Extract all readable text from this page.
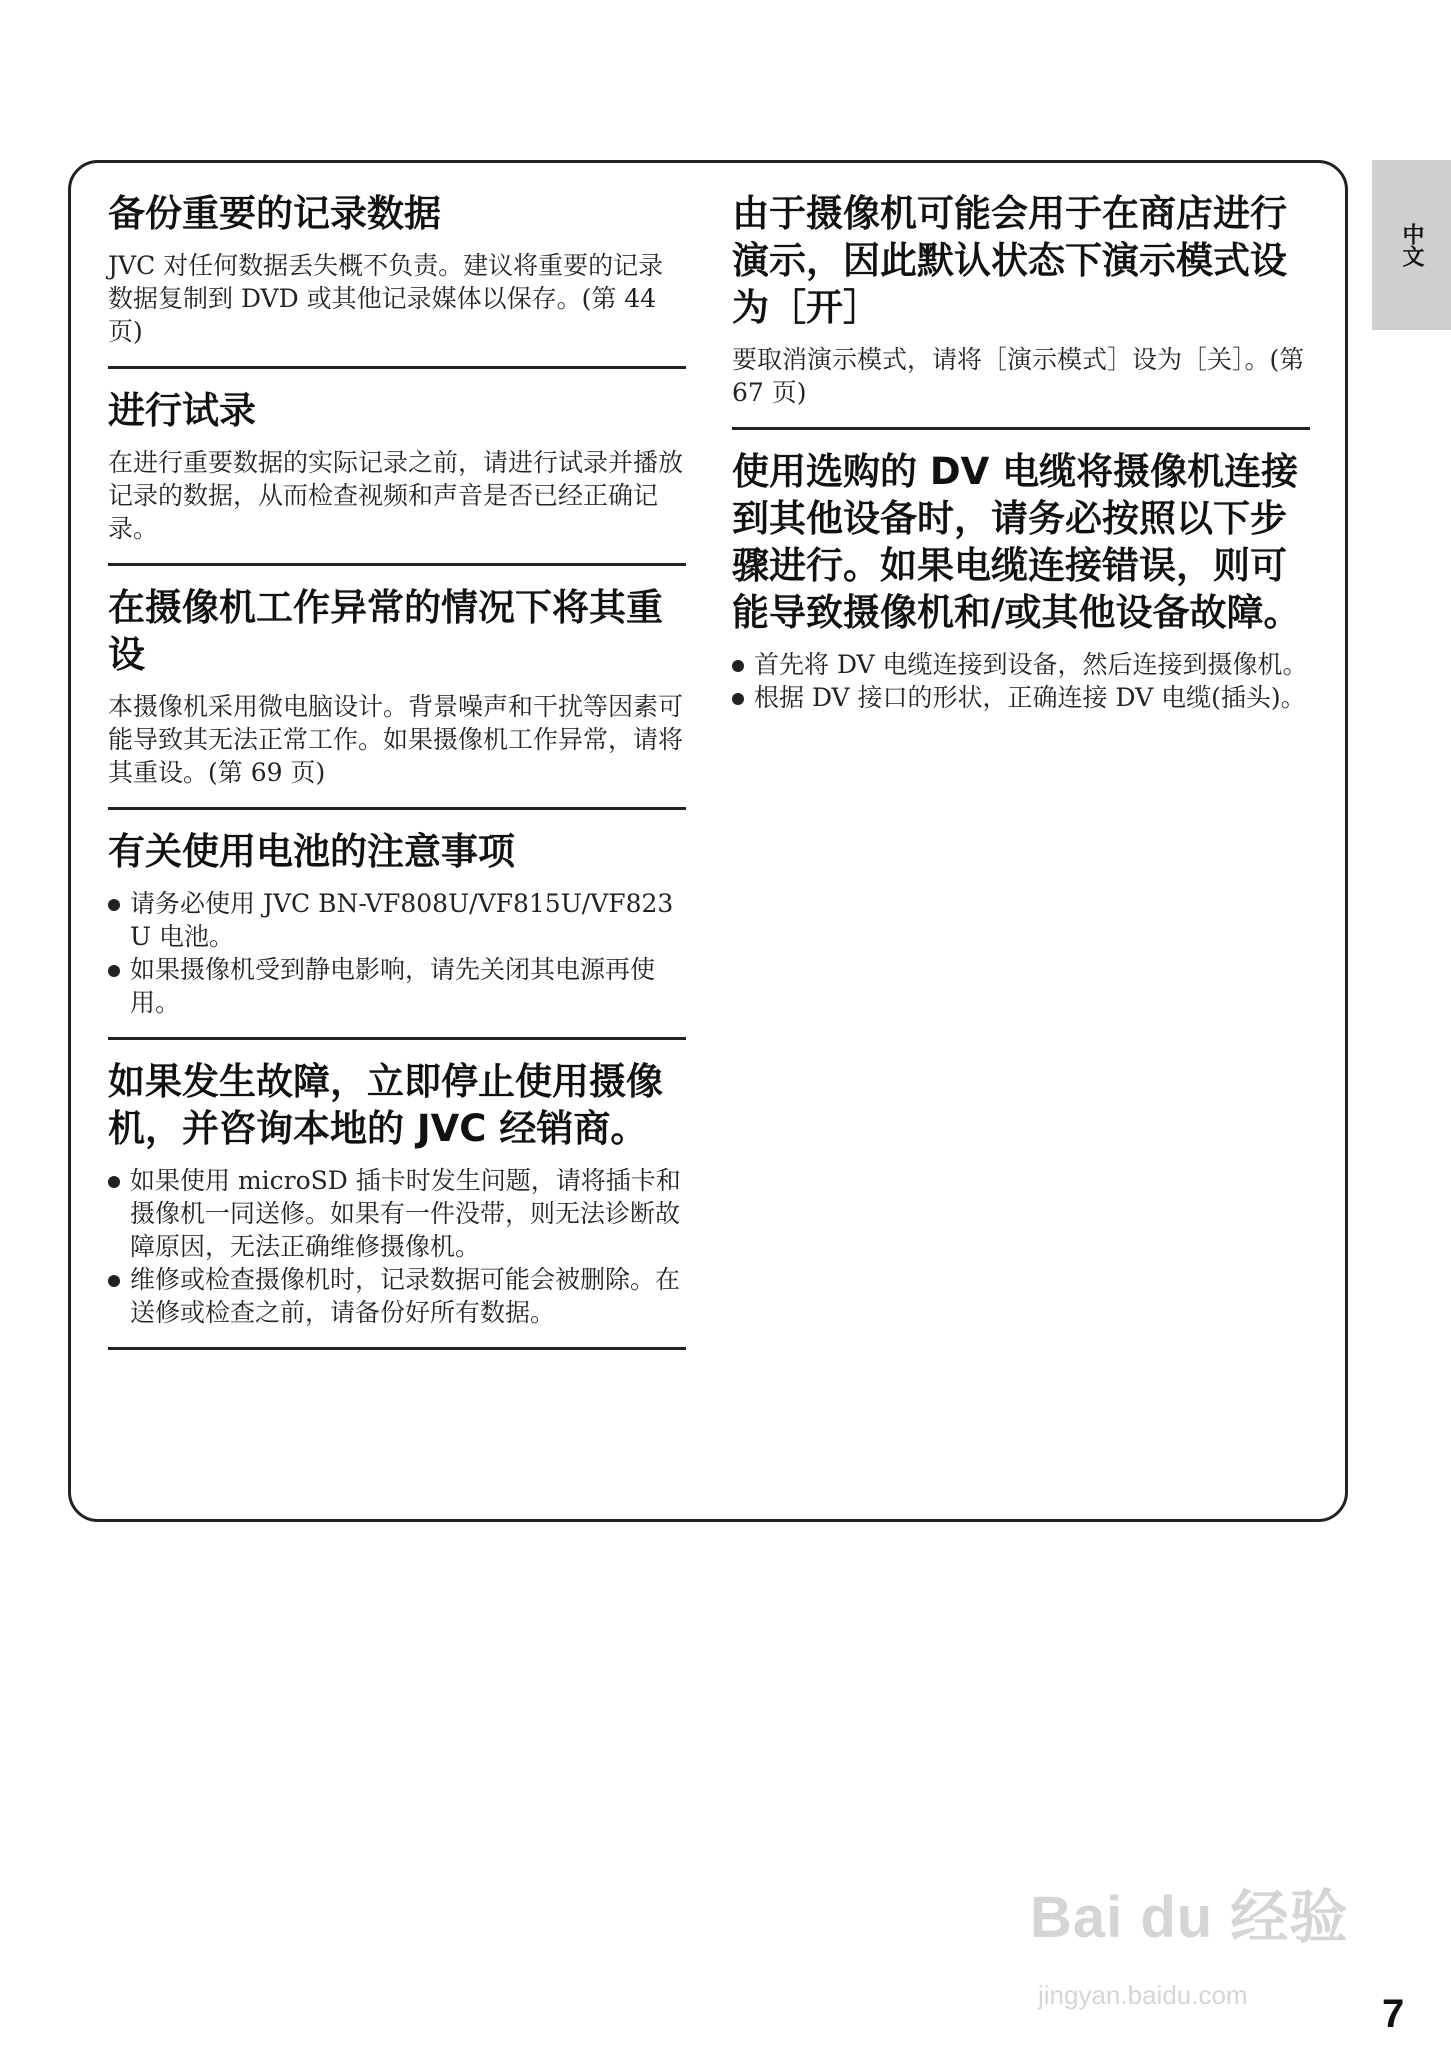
备份重要的记录数据

JVC 对任何数据丢失概不负责。建议将重要的记录数据复制到 DVD 或其他记录媒体以保存。(第 44 页)

进行试录

在进行重要数据的实际记录之前，请进行试录并播放记录的数据，从而检查视频和声音是否已经正确记录。

在摄像机工作异常的情况下将其重设

本摄像机采用微电脑设计。背景噪声和干扰等因素可能导致其无法正常工作。如果摄像机工作异常，请将其重设。(第 69 页)

有关使用电池的注意事项
请务必使用 JVC BN-VF808U/VF815U/VF823U 电池。
如果摄像机受到静电影响，请先关闭其电源再使用。
如果发生故障，立即停止使用摄像机，并咨询本地的 JVC 经销商。
如果使用 microSD 插卡时发生问题，请将插卡和摄像机一同送修。如果有一件没带，则无法诊断故障原因，无法正确维修摄像机。
维修或检查摄像机时，记录数据可能会被删除。在送修或检查之前，请备份好所有数据。
由于摄像机可能会用于在商店进行演示，因此默认状态下演示模式设为［开］

要取消演示模式，请将［演示模式］设为［关］。(第 67 页)

使用选购的 DV 电缆将摄像机连接到其他设备时，请务必按照以下步骤进行。如果电缆连接错误，则可能导致摄像机和/或其他设备故障。
首先将 DV 电缆连接到设备，然后连接到摄像机。
根据 DV 接口的形状，正确连接 DV 电缆(插头)。
中文
Bai du 经验
jingyan.baidu.com	7
